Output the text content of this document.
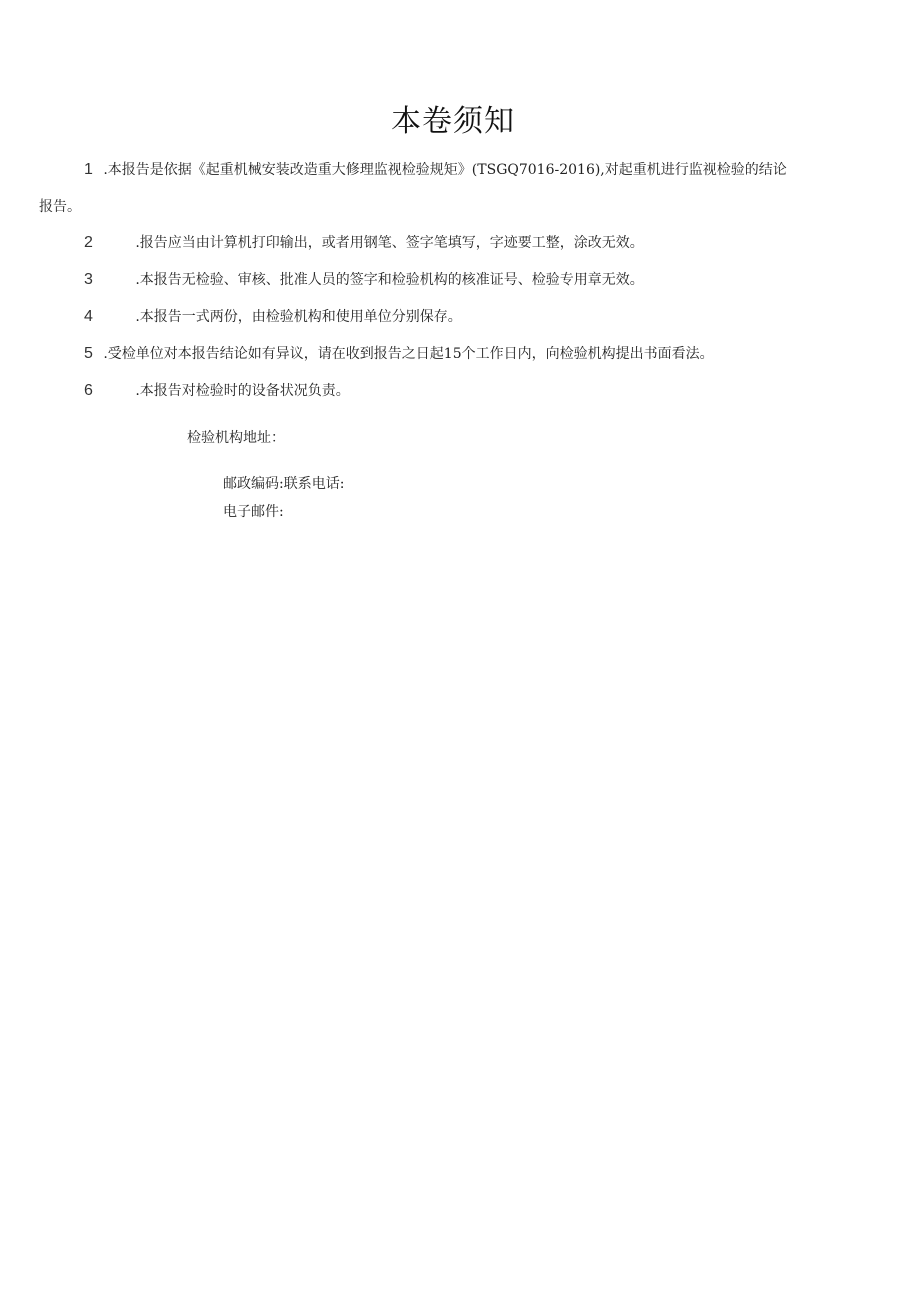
本卷须知
1 .本报告是依据《起重机械安装改造重大修理监视检验规矩》(TSGQ7016-2016),对起重机进行监视检验的结论
报告。
2	.报告应当由计算机打印输出，或者用钢笔、签字笔填写，字迹要工整，涂改无效。
3	.本报告无检验、审核、批准人员的签字和检验机构的核准证号、检验专用章无效。
4	.本报告一式两份，由检验机构和使用单位分别保存。
5 .受检单位对本报告结论如有异议，请在收到报告之日起15个工作日内，向检验机构提出书面看法。
6	.本报告对检验时的设备状况负责。
检验机构地址：
邮政编码:联系电话:
电子邮件:
